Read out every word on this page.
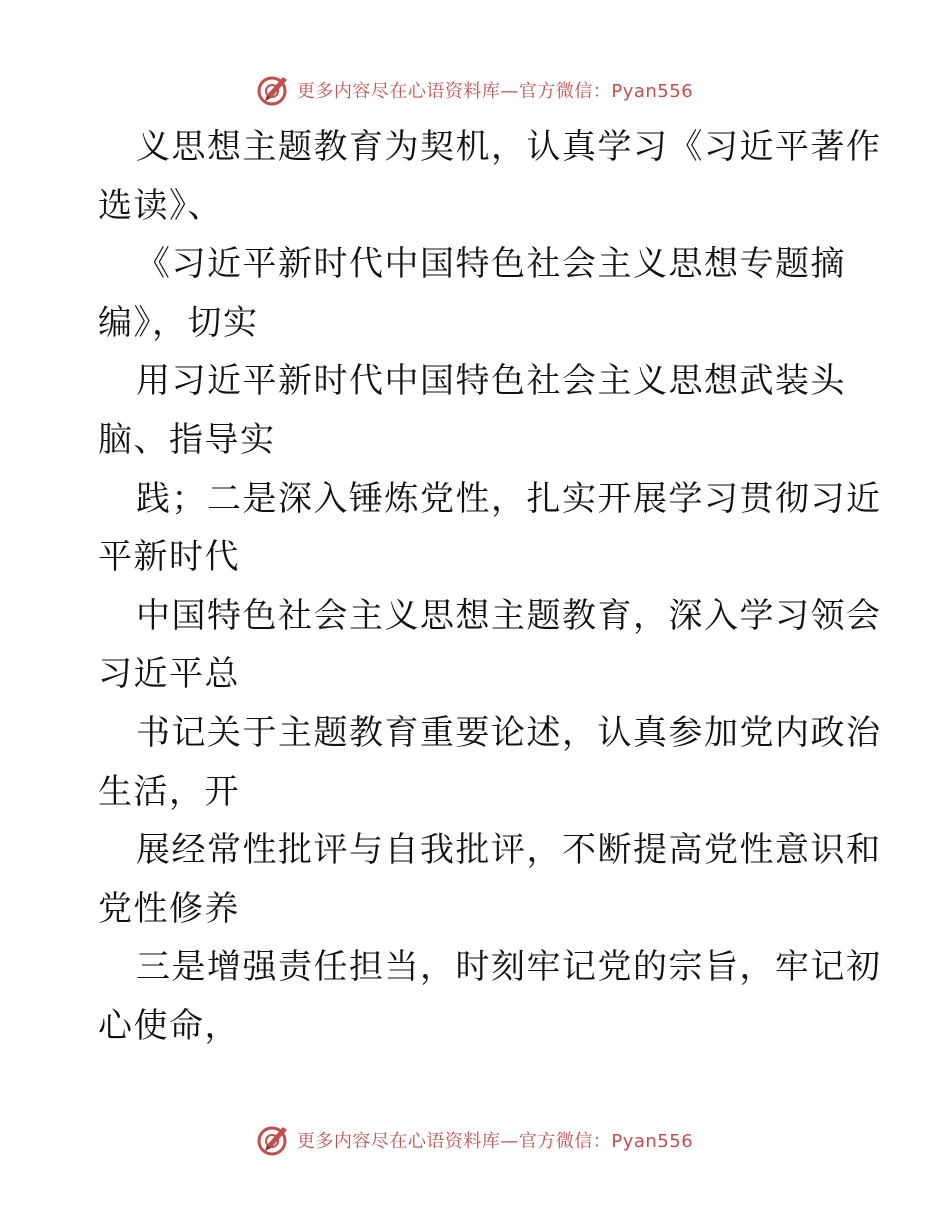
更多内容尽在心语资料库—官方微信：Pyan556
义思想主题教育为契机，认真学习《习近平著作
选读》、
《习近平新时代中国特色社会主义思想专题摘
编》，切实
用习近平新时代中国特色社会主义思想武装头
脑、指导实
践；二是深入锤炼党性，扎实开展学习贯彻习近
平新时代
中国特色社会主义思想主题教育，深入学习领会
习近平总
书记关于主题教育重要论述，认真参加党内政治
生活，开
展经常性批评与自我批评，不断提高党性意识和
党性修养
三是增强责任担当，时刻牢记党的宗旨，牢记初
心使命，
更多内容尽在心语资料库—官方微信：Pyan556
